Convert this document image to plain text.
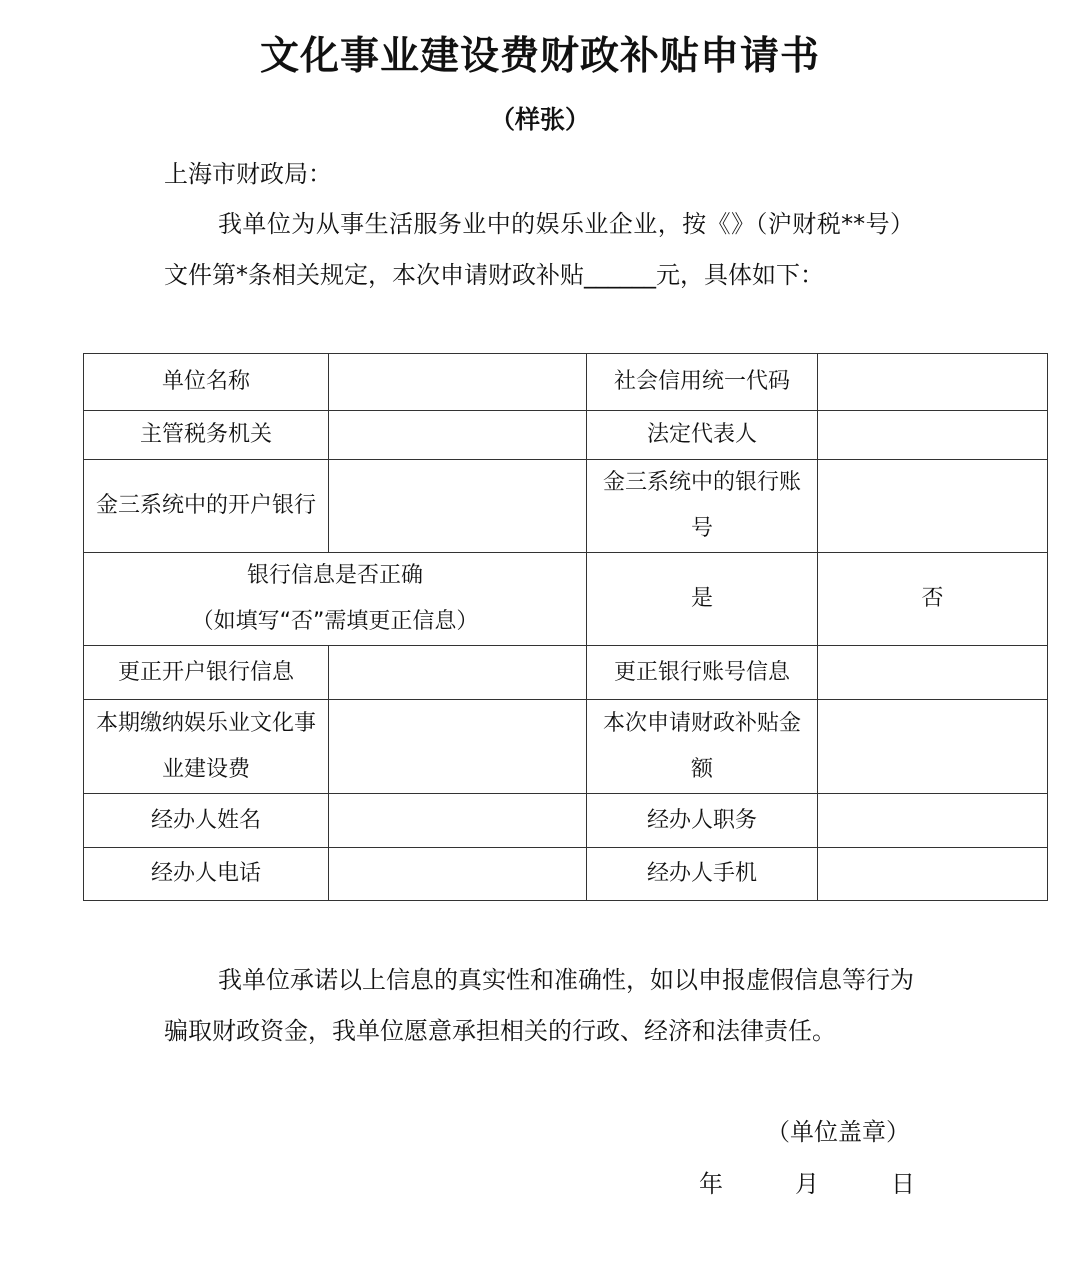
文化事业建设费财政补贴申请书
（样张）
上海市财政局：

我单位为从事生活服务业中的娱乐业企业，按《》（沪财税**号）文件第*条相关规定，本次申请财政补贴______元，具体如下：

单位名称		社会信用统一代码	
主管税务机关		法定代表人	
金三系统中的开户银行		金三系统中的银行账号	

银行信息是否正确
（如填写“否”需填更正信息）		是	否
更正开户银行信息		更正银行账号信息	
本期缴纳娱乐业文化事业建设费		本次申请财政补贴金额	
经办人姓名		经办人职务	
经办人电话		经办人手机	

我单位承诺以上信息的真实性和准确性，如以申报虚假信息等行为骗取财政资金，我单位愿意承担相关的行政、经济和法律责任。

（单位盖章）
年	月	日
